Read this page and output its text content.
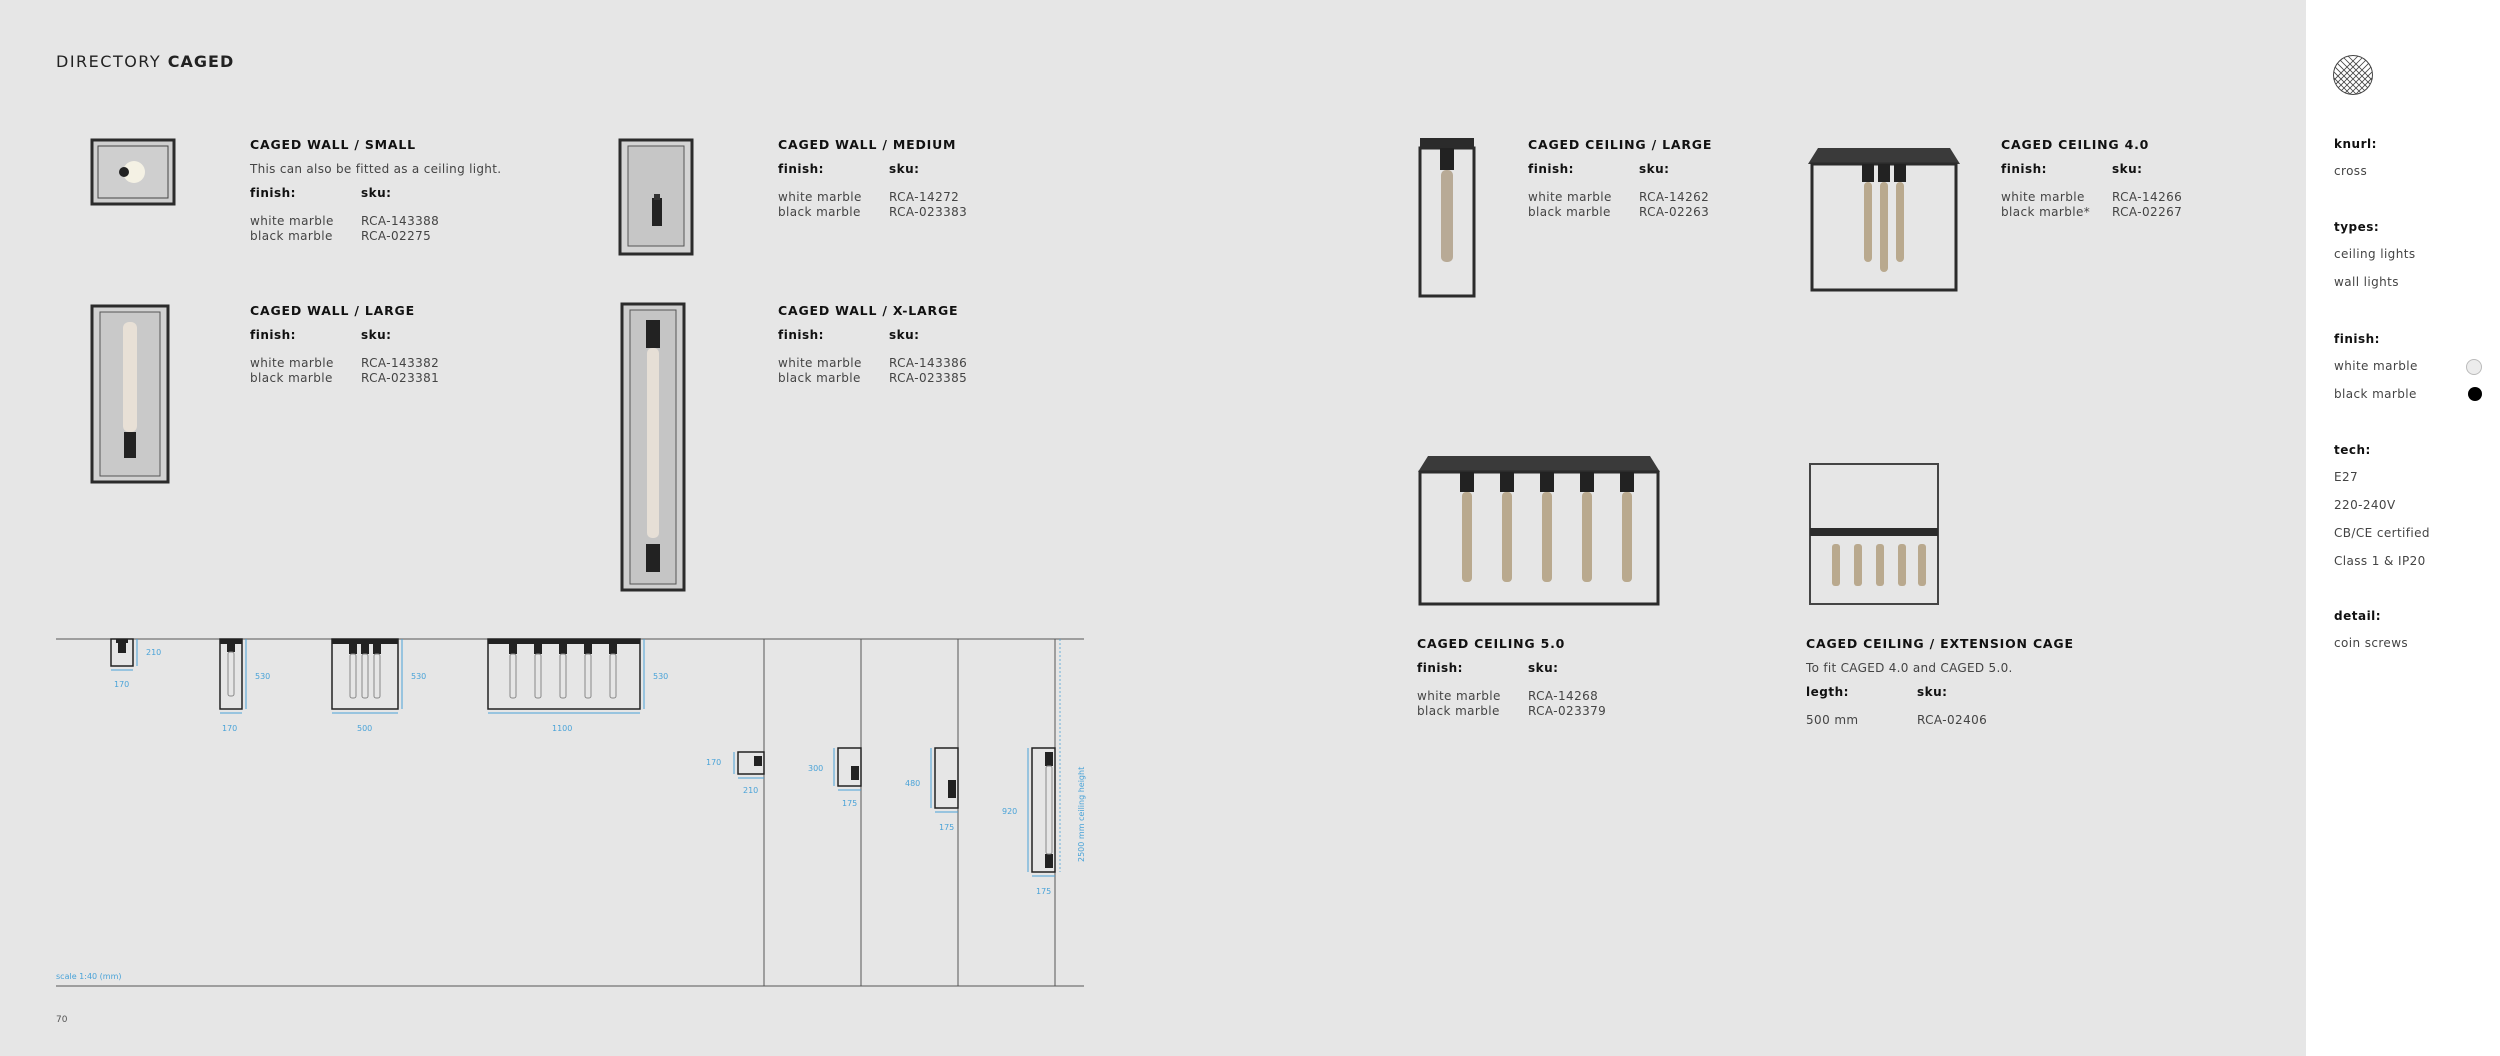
DIRECTORY CAGED
CAGED WALL / SMALL
This can also be fitted as a ceiling light.
finish:	sku:
white marble	RCA-143388
black marble	RCA-02275
CAGED WALL / MEDIUM
finish:	sku:
white marble	RCA-14272
black marble	RCA-023383
CAGED WALL / LARGE
finish:	sku:
white marble	RCA-143382
black marble	RCA-023381
CAGED WALL / X-LARGE
finish:	sku:
white marble	RCA-143386
black marble	RCA-023385
CAGED CEILING / LARGE
finish:	sku:
white marble	RCA-14262
black marble	RCA-02263
CAGED CEILING 4.0
finish:	sku:
white marble	RCA-14266
black marble*	RCA-02267
CAGED CEILING 5.0
finish:	sku:
white marble	RCA-14268
black marble	RCA-023379
CAGED CEILING / EXTENSION CAGE
To fit CAGED 4.0 and CAGED 5.0.
legth:	sku:
500 mm	RCA-02406
210
170
530
170
530
500
530
1100
170
210
300
175
480
175
920
175
2500 mm ceiling height
scale 1:40 (mm)
70
knurl:
cross
types:
ceiling lights
wall lights
finish:
white marble
black marble
tech:
E27
220-240V
CB/CE certified
Class 1 & IP20
detail:
coin screws
